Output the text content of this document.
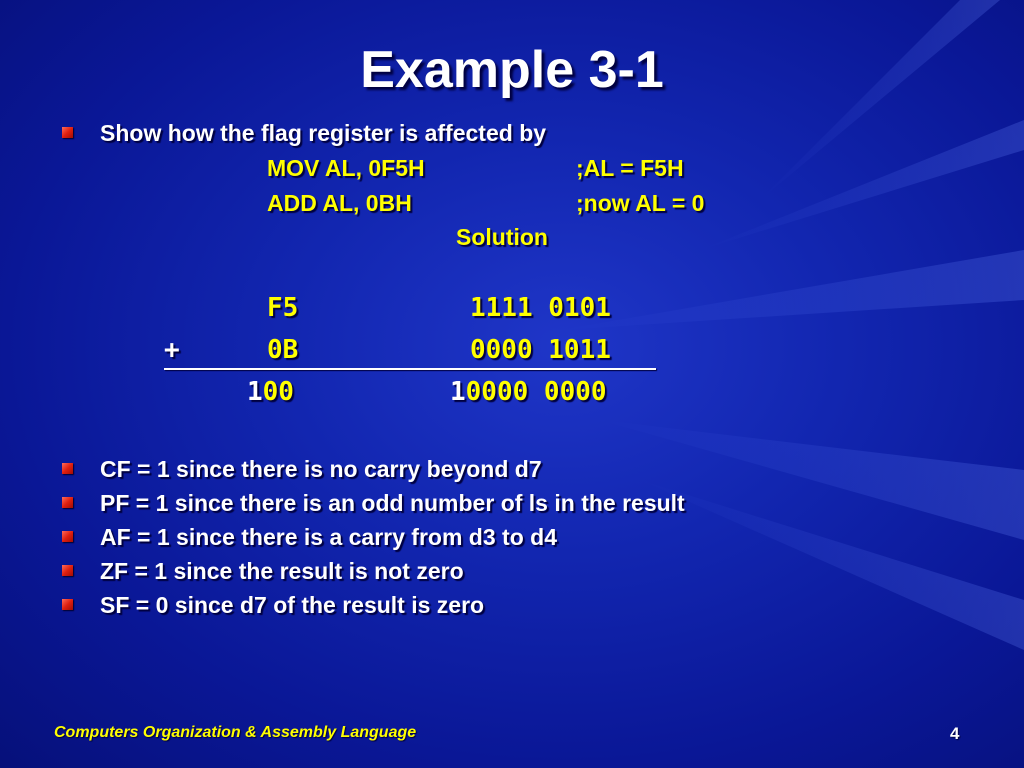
Example 3-1
Show how the flag register is affected by
MOV AL, 0F5H	;AL = F5H
ADD AL, 0BH	;now AL = 0
Solution
F5	1111 0101
+	0B	0000 1011
100	10000 0000
CF = 1 since there is no carry beyond d7
PF = 1 since there is an odd number of ls in the result
AF = 1 since there is a carry from d3 to d4
ZF = 1 since the result is not zero
SF = 0 since d7 of the result is zero
Computers Organization & Assembly Language	4
